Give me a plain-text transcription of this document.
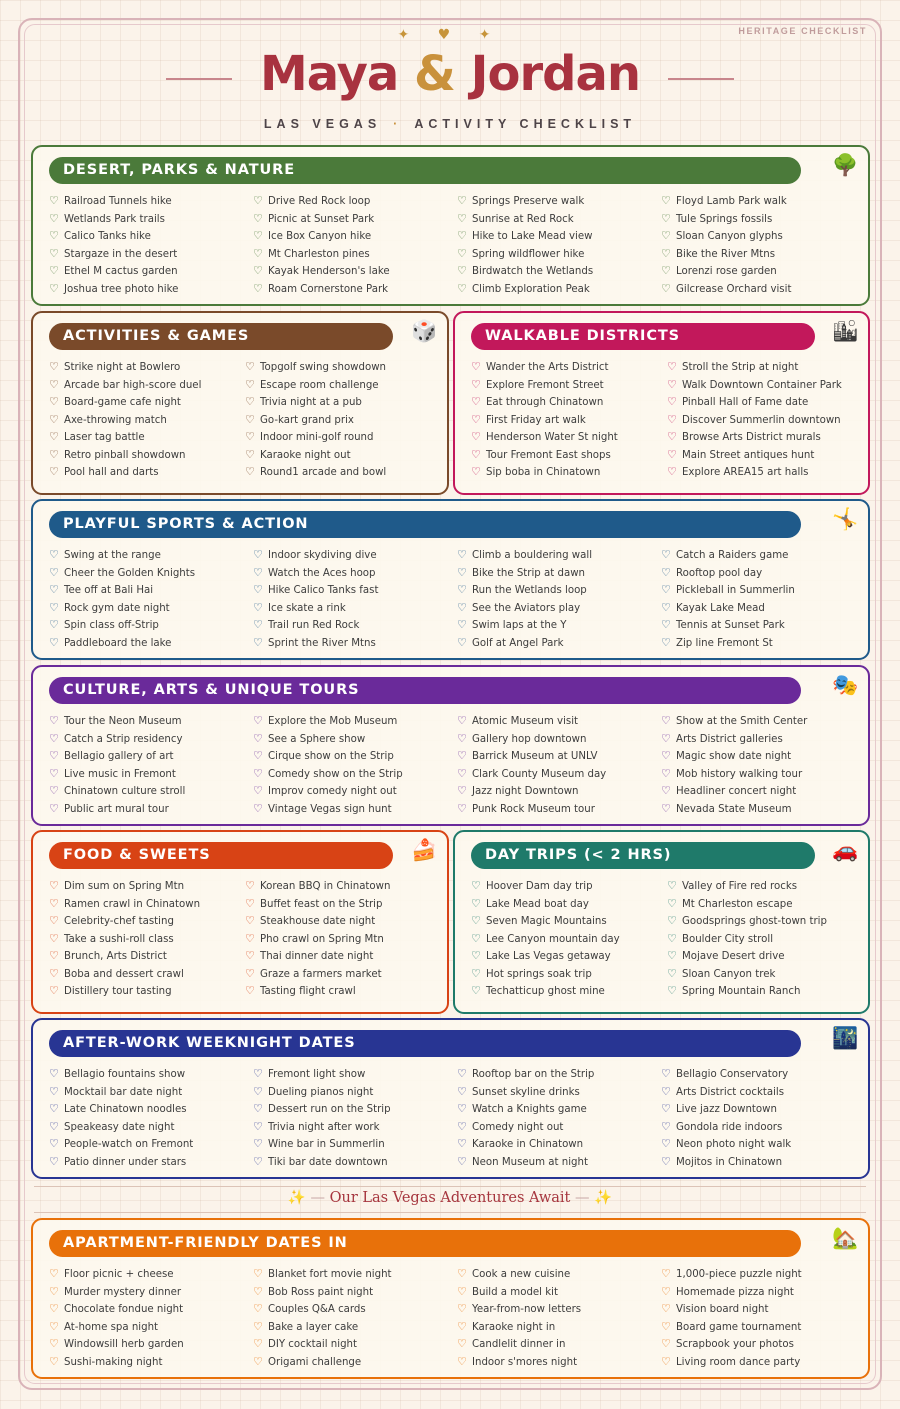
HERITAGE CHECKLIST
✦ ♥ ✦
Maya & Jordan
LAS VEGAS · ACTIVITY CHECKLIST
DESERT, PARKS & NATURE	🌳
♡ Railroad Tunnels hike
♡ Wetlands Park trails
♡ Calico Tanks hike
♡ Stargaze in the desert
♡ Ethel M cactus garden
♡ Joshua tree photo hike
♡ Drive Red Rock loop
♡ Picnic at Sunset Park
♡ Ice Box Canyon hike
♡ Mt Charleston pines
♡ Kayak Henderson's lake
♡ Roam Cornerstone Park
♡ Springs Preserve walk
♡ Sunrise at Red Rock
♡ Hike to Lake Mead view
♡ Spring wildflower hike
♡ Birdwatch the Wetlands
♡ Climb Exploration Peak
♡ Floyd Lamb Park walk
♡ Tule Springs fossils
♡ Sloan Canyon glyphs
♡ Bike the River Mtns
♡ Lorenzi rose garden
♡ Gilcrease Orchard visit
ACTIVITIES & GAMES	🎲
♡ Strike night at Bowlero
♡ Arcade bar high-score duel
♡ Board-game cafe night
♡ Axe-throwing match
♡ Laser tag battle
♡ Retro pinball showdown
♡ Pool hall and darts
♡ Topgolf swing showdown
♡ Escape room challenge
♡ Trivia night at a pub
♡ Go-kart grand prix
♡ Indoor mini-golf round
♡ Karaoke night out
♡ Round1 arcade and bowl
WALKABLE DISTRICTS	🏙
♡ Wander the Arts District
♡ Explore Fremont Street
♡ Eat through Chinatown
♡ First Friday art walk
♡ Henderson Water St night
♡ Tour Fremont East shops
♡ Sip boba in Chinatown
♡ Stroll the Strip at night
♡ Walk Downtown Container Park
♡ Pinball Hall of Fame date
♡ Discover Summerlin downtown
♡ Browse Arts District murals
♡ Main Street antiques hunt
♡ Explore AREA15 art halls
PLAYFUL SPORTS & ACTION	🤸
♡ Swing at the range
♡ Cheer the Golden Knights
♡ Tee off at Bali Hai
♡ Rock gym date night
♡ Spin class off-Strip
♡ Paddleboard the lake
♡ Indoor skydiving dive
♡ Watch the Aces hoop
♡ Hike Calico Tanks fast
♡ Ice skate a rink
♡ Trail run Red Rock
♡ Sprint the River Mtns
♡ Climb a bouldering wall
♡ Bike the Strip at dawn
♡ Run the Wetlands loop
♡ See the Aviators play
♡ Swim laps at the Y
♡ Golf at Angel Park
♡ Catch a Raiders game
♡ Rooftop pool day
♡ Pickleball in Summerlin
♡ Kayak Lake Mead
♡ Tennis at Sunset Park
♡ Zip line Fremont St
CULTURE, ARTS & UNIQUE TOURS	🎭
♡ Tour the Neon Museum
♡ Catch a Strip residency
♡ Bellagio gallery of art
♡ Live music in Fremont
♡ Chinatown culture stroll
♡ Public art mural tour
♡ Explore the Mob Museum
♡ See a Sphere show
♡ Cirque show on the Strip
♡ Comedy show on the Strip
♡ Improv comedy night out
♡ Vintage Vegas sign hunt
♡ Atomic Museum visit
♡ Gallery hop downtown
♡ Barrick Museum at UNLV
♡ Clark County Museum day
♡ Jazz night Downtown
♡ Punk Rock Museum tour
♡ Show at the Smith Center
♡ Arts District galleries
♡ Magic show date night
♡ Mob history walking tour
♡ Headliner concert night
♡ Nevada State Museum
FOOD & SWEETS	🍰
♡ Dim sum on Spring Mtn
♡ Ramen crawl in Chinatown
♡ Celebrity-chef tasting
♡ Take a sushi-roll class
♡ Brunch, Arts District
♡ Boba and dessert crawl
♡ Distillery tour tasting
♡ Korean BBQ in Chinatown
♡ Buffet feast on the Strip
♡ Steakhouse date night
♡ Pho crawl on Spring Mtn
♡ Thai dinner date night
♡ Graze a farmers market
♡ Tasting flight crawl
DAY TRIPS (< 2 HRS)	🚗
♡ Hoover Dam day trip
♡ Lake Mead boat day
♡ Seven Magic Mountains
♡ Lee Canyon mountain day
♡ Lake Las Vegas getaway
♡ Hot springs soak trip
♡ Techatticup ghost mine
♡ Valley of Fire red rocks
♡ Mt Charleston escape
♡ Goodsprings ghost-town trip
♡ Boulder City stroll
♡ Mojave Desert drive
♡ Sloan Canyon trek
♡ Spring Mountain Ranch
AFTER-WORK WEEKNIGHT DATES	🌃
♡ Bellagio fountains show
♡ Mocktail bar date night
♡ Late Chinatown noodles
♡ Speakeasy date night
♡ People-watch on Fremont
♡ Patio dinner under stars
♡ Fremont light show
♡ Dueling pianos night
♡ Dessert run on the Strip
♡ Trivia night after work
♡ Wine bar in Summerlin
♡ Tiki bar date downtown
♡ Rooftop bar on the Strip
♡ Sunset skyline drinks
♡ Watch a Knights game
♡ Comedy night out
♡ Karaoke in Chinatown
♡ Neon Museum at night
♡ Bellagio Conservatory
♡ Arts District cocktails
♡ Live jazz Downtown
♡ Gondola ride indoors
♡ Neon photo night walk
♡ Mojitos in Chinatown
APARTMENT-FRIENDLY DATES IN	🏡
♡ Floor picnic + cheese
♡ Murder mystery dinner
♡ Chocolate fondue night
♡ At-home spa night
♡ Windowsill herb garden
♡ Sushi-making night
♡ Blanket fort movie night
♡ Bob Ross paint night
♡ Couples Q&A cards
♡ Bake a layer cake
♡ DIY cocktail night
♡ Origami challenge
♡ Cook a new cuisine
♡ Build a model kit
♡ Year-from-now letters
♡ Karaoke night in
♡ Candlelit dinner in
♡ Indoor s'mores night
♡ 1,000-piece puzzle night
♡ Homemade pizza night
♡ Vision board night
♡ Board game tournament
♡ Scrapbook your photos
♡ Living room dance party
✨ — Our Las Vegas Adventures Await — ✨
